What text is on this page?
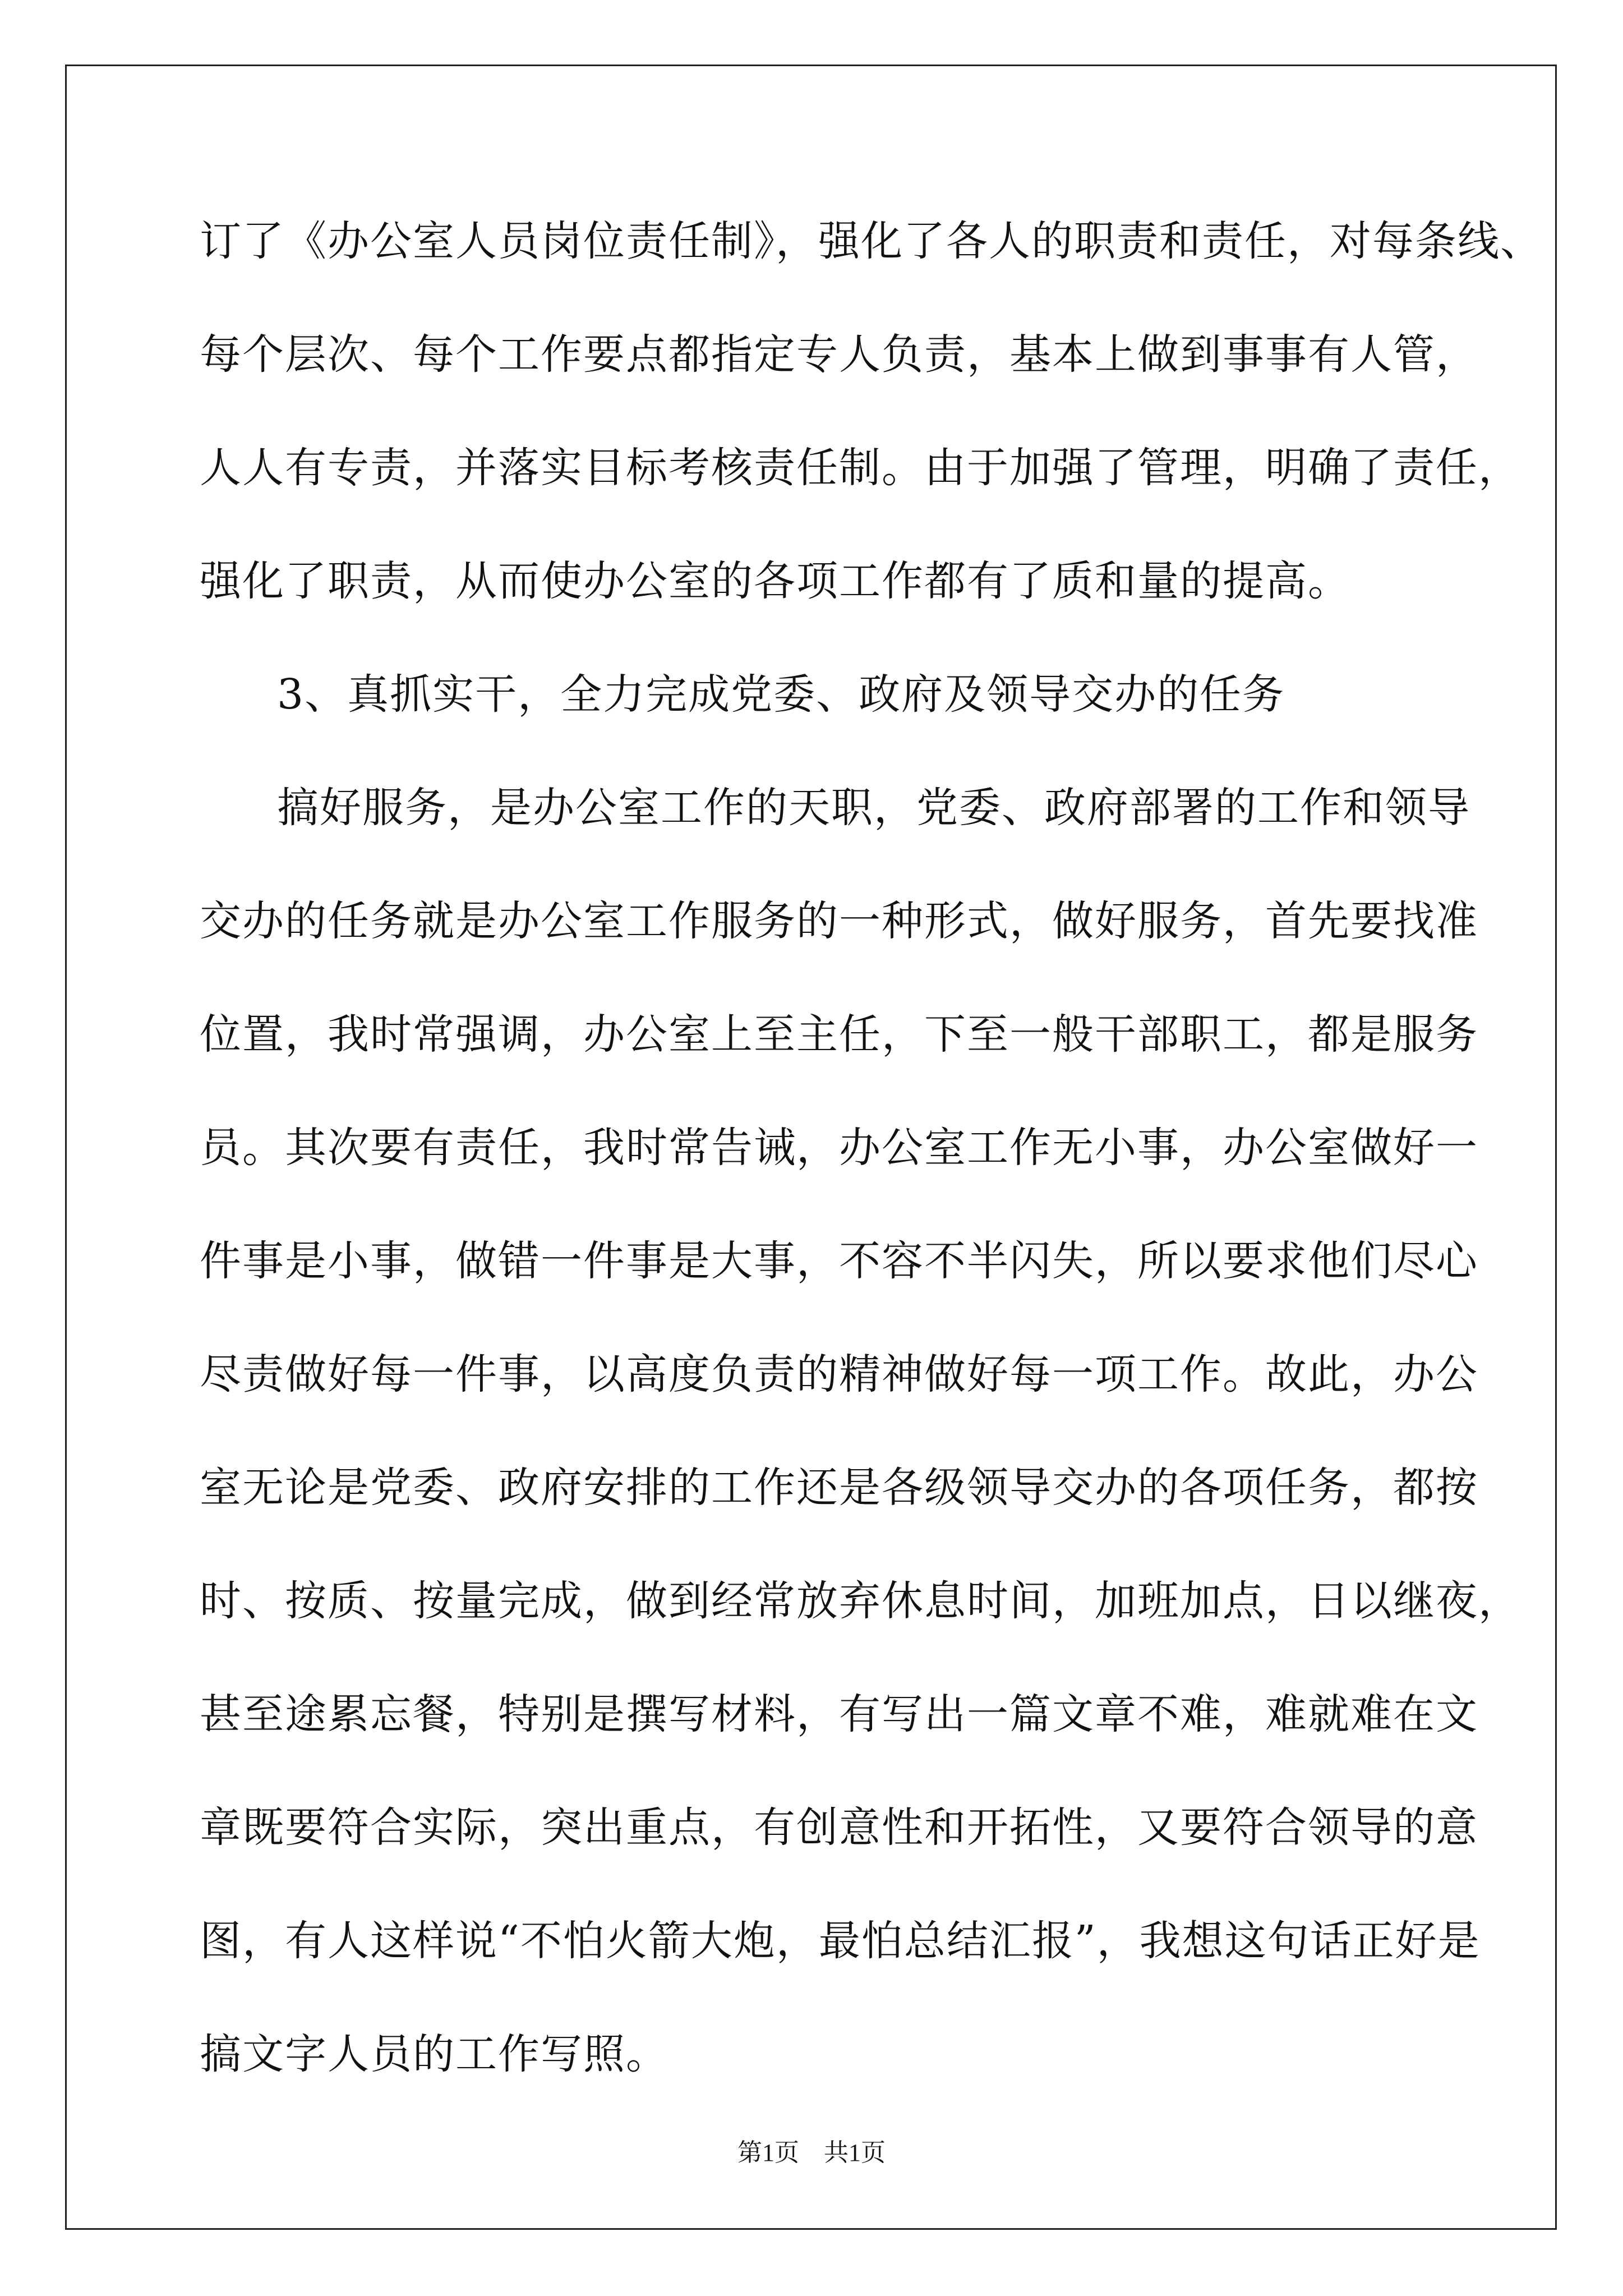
订了《办公室人员岗位责任制》，强化了各人的职责和责任，对每条线、
每个层次、每个工作要点都指定专人负责，基本上做到事事有人管，
人人有专责，并落实目标考核责任制。由于加强了管理，明确了责任，
强化了职责，从而使办公室的各项工作都有了质和量的提高。
3、真抓实干，全力完成党委、政府及领导交办的任务
搞好服务，是办公室工作的天职，党委、政府部署的工作和领导
交办的任务就是办公室工作服务的一种形式，做好服务，首先要找准
位置，我时常强调，办公室上至主任，下至一般干部职工，都是服务
员。其次要有责任，我时常告诫，办公室工作无小事，办公室做好一
件事是小事，做错一件事是大事，不容不半闪失，所以要求他们尽心
尽责做好每一件事，以高度负责的精神做好每一项工作。故此，办公
室无论是党委、政府安排的工作还是各级领导交办的各项任务，都按
时、按质、按量完成，做到经常放弃休息时间，加班加点，日以继夜，
甚至途累忘餐，特别是撰写材料，有写出一篇文章不难，难就难在文
章既要符合实际，突出重点，有创意性和开拓性，又要符合领导的意
图，有人这样说“不怕火箭大炮，最怕总结汇报”，我想这句话正好是
搞文字人员的工作写照。
第1页　共1页
